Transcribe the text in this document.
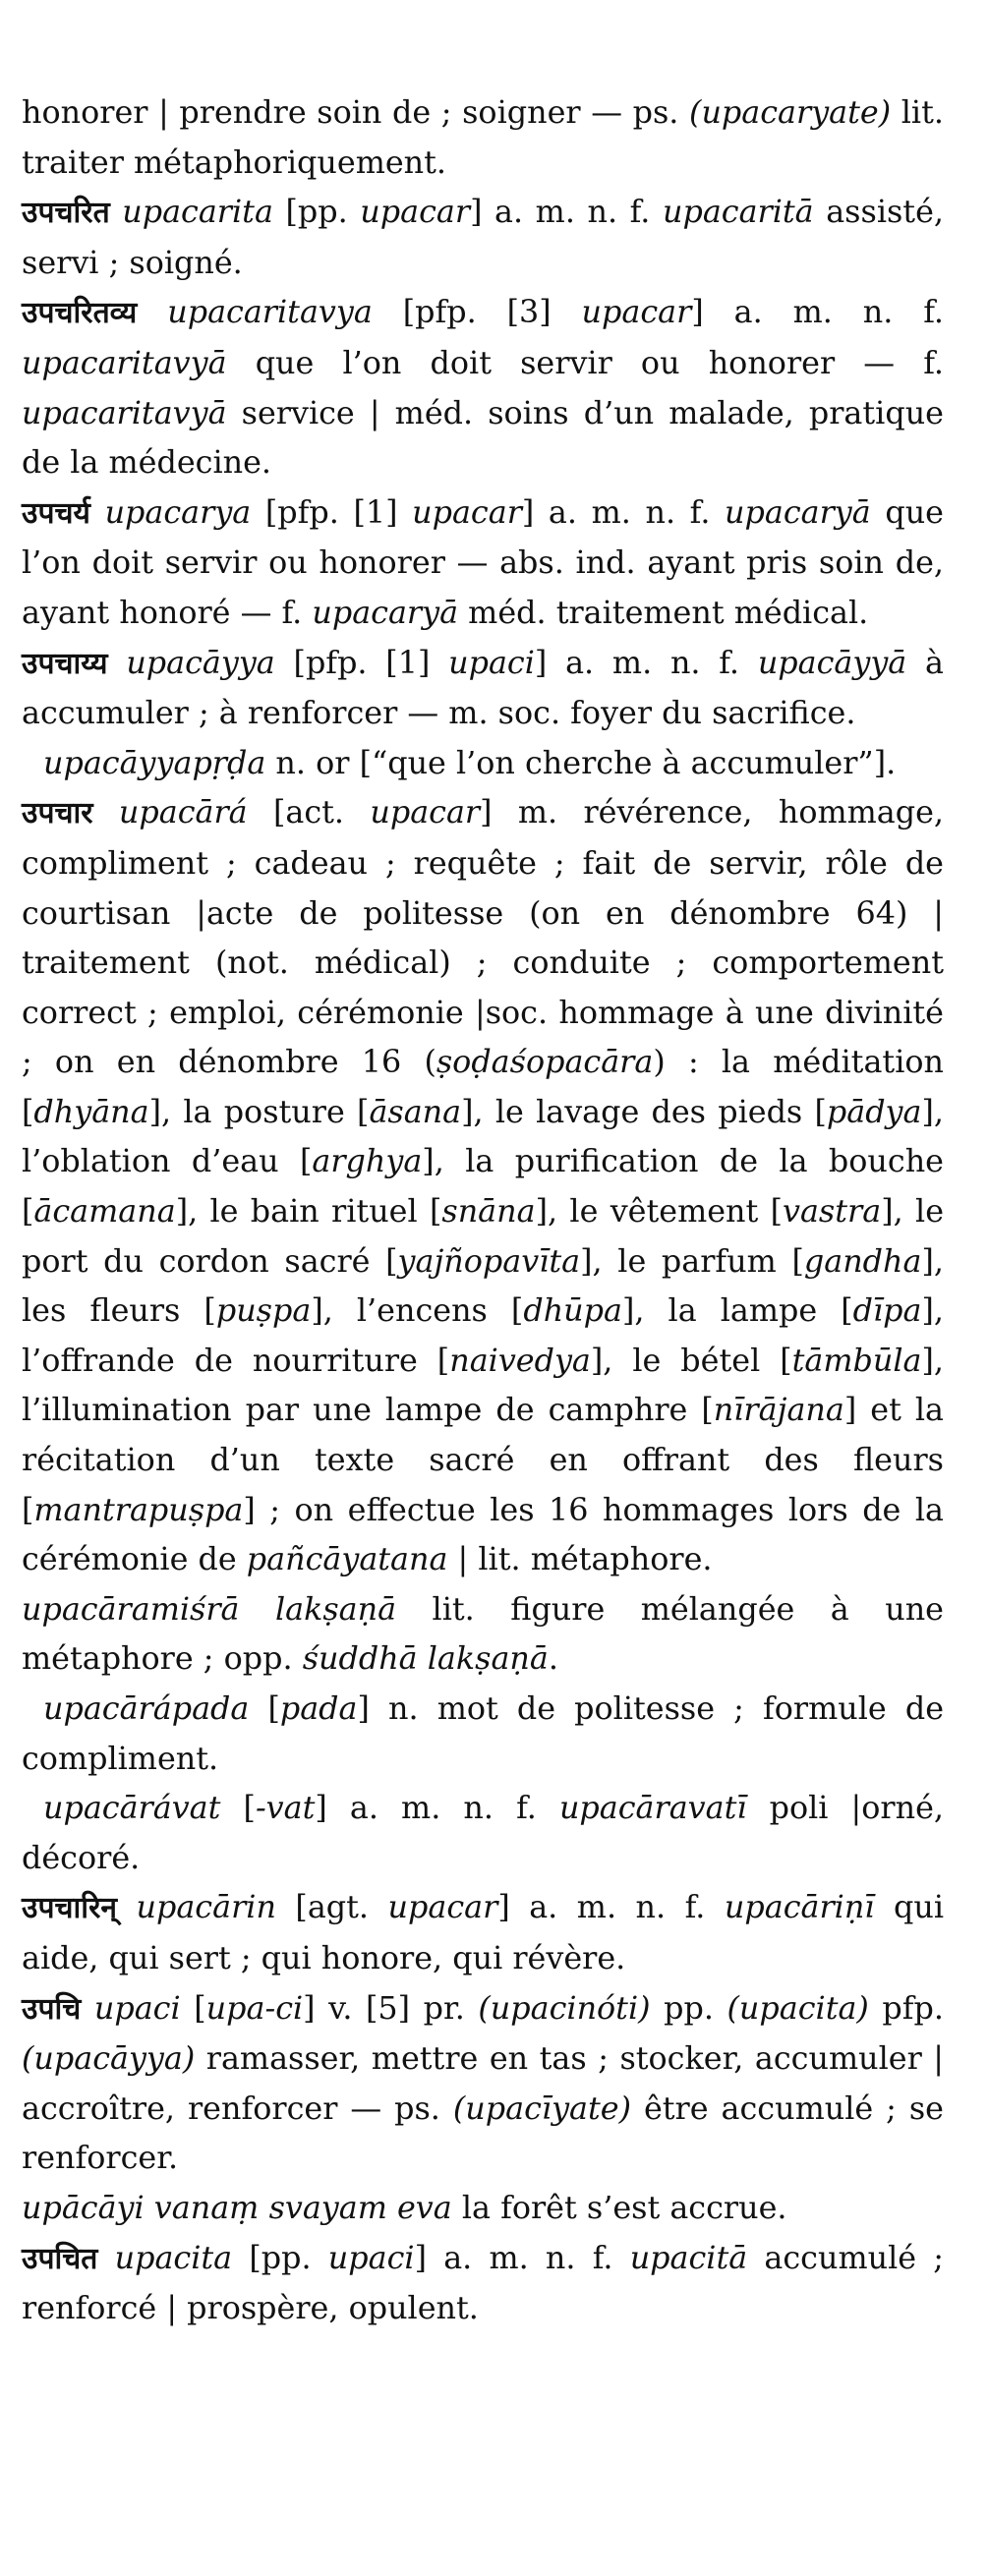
honorer | prendre soin de ; soigner — ps. (upacaryate) lit. traiter métaphoriquement.

उपचरित upacarita [pp. upacar] a. m. n. f. upacaritā assisté, servi ; soigné.

उपचरितव्य upacaritavya [pfp. [3] upacar] a. m. n. f. upacaritavyā que l’on doit servir ou honorer — f. upacaritavyā service | méd. soins d’un malade, pratique de la médecine.

उपचर्य upacarya [pfp. [1] upacar] a. m. n. f. upacaryā que l’on doit servir ou honorer — abs. ind. ayant pris soin de, ayant honoré — f. upacaryā méd. traitement médical.

उपचाय्य upacāyya [pfp. [1] upaci] a. m. n. f. upacāyyā à accumuler ; à renforcer — m. soc. foyer du sacrifice.

upacāyyapṛḍa n. or [“que l’on cherche à accumuler”].

उपचार upacārá [act. upacar] m. révérence, hommage, compliment ; cadeau ; requête ; fait de servir, rôle de courtisan |acte de politesse (on en dénombre 64) | traitement (not. médical) ; conduite ; comportement correct ; emploi, cérémonie |soc. hommage à une divinité ; on en dénombre 16 (ṣoḍaśopacāra) : la méditation [dhyāna], la posture [āsana], le lavage des pieds [pādya], l’oblation d’eau [arghya], la purification de la bouche [ācamana], le bain rituel [snāna], le vêtement [vastra], le port du cordon sacré [yajñopavīta], le parfum [gandha], les fleurs [puṣpa], l’encens [dhūpa], la lampe [dīpa], l’offrande de nourriture [naivedya], le bétel [tāmbūla], l’illumination par une lampe de camphre [nīrājana] et la récitation d’un texte sacré en offrant des fleurs [mantrapuṣpa] ; on effectue les 16 hommages lors de la cérémonie de pañcāyatana | lit. métaphore.

upacāramiśrā lakṣaṇā lit. figure mélangée à une métaphore ; opp. śuddhā lakṣaṇā.

upacārápada [pada] n. mot de politesse ; formule de compliment.

upacārávat [-vat] a. m. n. f. upacāravatī poli |orné, décoré.

उपचारिन् upacārin [agt. upacar] a. m. n. f. upacāriṇī qui aide, qui sert ; qui honore, qui révère.

उपचि upaci [upa-ci] v. [5] pr. (upacinóti) pp. (upacita) pfp. (upacāyya) ramasser, mettre en tas ; stocker, accumuler | accroître, renforcer — ps. (upacīyate) être accumulé ; se renforcer.

upācāyi vanaṃ svayam eva la forêt s’est accrue.

उपचित upacita [pp. upaci] a. m. n. f. upacitā accumulé ; renforcé | prospère, opulent.
